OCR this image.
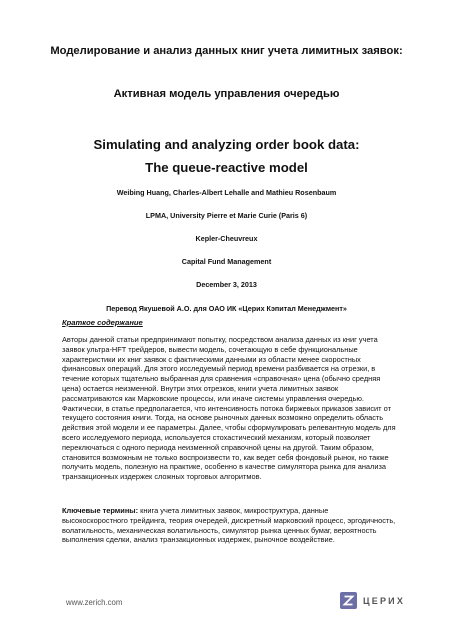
Моделирование и анализ данных книг учета лимитных заявок:
Активная модель управления очередью
Simulating and analyzing order book data:
The queue-reactive model
Weibing Huang, Charles-Albert Lehalle and Mathieu Rosenbaum
LPMA, University Pierre et Marie Curie (Paris 6)
Kepler-Cheuvreux
Capital Fund Management
December 3, 2013
Перевод Якушевой А.О. для ОАО ИК «Церих Кэпитал Менеджмент»
Краткое содержание
Авторы данной статьи предпринимают попытку, посредством анализа данных из книг учета заявок ультра-HFT трейдеров, вывести модель, сочетающую в себе функциональные характеристики их книг заявок с фактическими данными из области менее скоростных финансовых операций. Для этого исследуемый период времени разбивается на отрезки, в течение которых тщательно выбранная для сравнения «справочная» цена (обычно средняя цена) остается неизменной. Внутри этих отрезков, книги учета лимитных заявок рассматриваются как Марковские процессы, или иначе системы управления очередью. Фактически, в статье предполагается, что интенсивность потока биржевых приказов зависит от текущего состояния книги. Тогда, на основе рыночных данных возможно определить область действия этой модели и ее параметры. Далее, чтобы сформулировать релевантную модель для всего исследуемого периода, используется стохастический механизм, который позволяет переключаться с одного периода неизменной справочной цены на другой. Таким образом, становится возможным не только воспроизвести то, как ведет себя фондовый рынок, но также получить модель, полезную на практике, особенно в качестве симулятора рынка для анализа транзакционных издержек сложных торговых алгоритмов.
Ключевые термины: книга учета лимитных заявок, микроструктура, данные высокоскоростного трейдинга, теория очередей, дискретный марковский процесс, эргодичность, волатильность, механическая волатильность, симулятор рынка ценных бумаг, вероятность выполнения сделки, анализ транзакционных издержек, рыночное воздействие.
www.zerich.com	ЦЕРИХ
